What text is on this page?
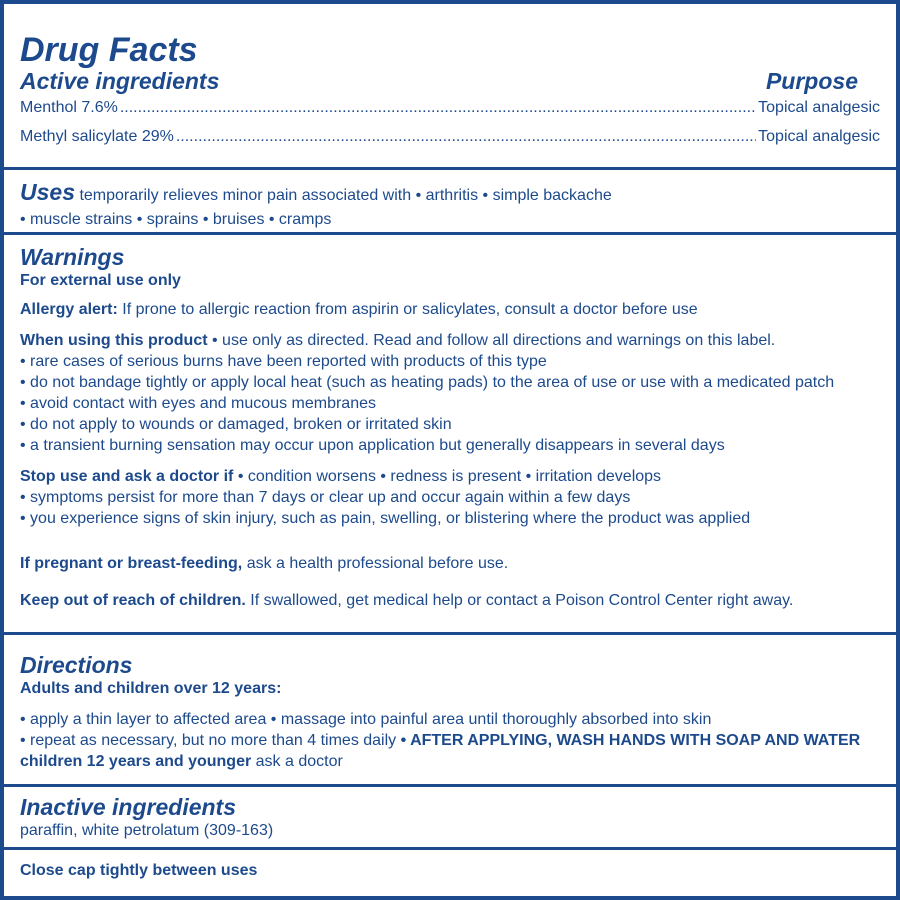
Drug Facts
Active ingredients	Purpose
Menthol 7.6% .....	Topical analgesic
Methyl salicylate 29% .....	Topical analgesic
Uses temporarily relieves minor pain associated with • arthritis • simple backache
• muscle strains • sprains • bruises • cramps
Warnings
For external use only
Allergy alert: If prone to allergic reaction from aspirin or salicylates, consult a doctor before use
When using this product • use only as directed. Read and follow all directions and warnings on this label.
• rare cases of serious burns have been reported with products of this type
• do not bandage tightly or apply local heat (such as heating pads) to the area of use or use with a medicated patch
• avoid contact with eyes and mucous membranes
• do not apply to wounds or damaged, broken or irritated skin
• a transient burning sensation may occur upon application but generally disappears in several days
Stop use and ask a doctor if • condition worsens • redness is present • irritation develops
• symptoms persist for more than 7 days or clear up and occur again within a few days
• you experience signs of skin injury, such as pain, swelling, or blistering where the product was applied
If pregnant or breast-feeding, ask a health professional before use.
Keep out of reach of children. If swallowed, get medical help or contact a Poison Control Center right away.
Directions
Adults and children over 12 years:
• apply a thin layer to affected area • massage into painful area until thoroughly absorbed into skin
• repeat as necessary, but no more than 4 times daily • AFTER APPLYING, WASH HANDS WITH SOAP AND WATER
children 12 years and younger ask a doctor
Inactive ingredients
paraffin, white petrolatum (309-163)
Close cap tightly between uses
